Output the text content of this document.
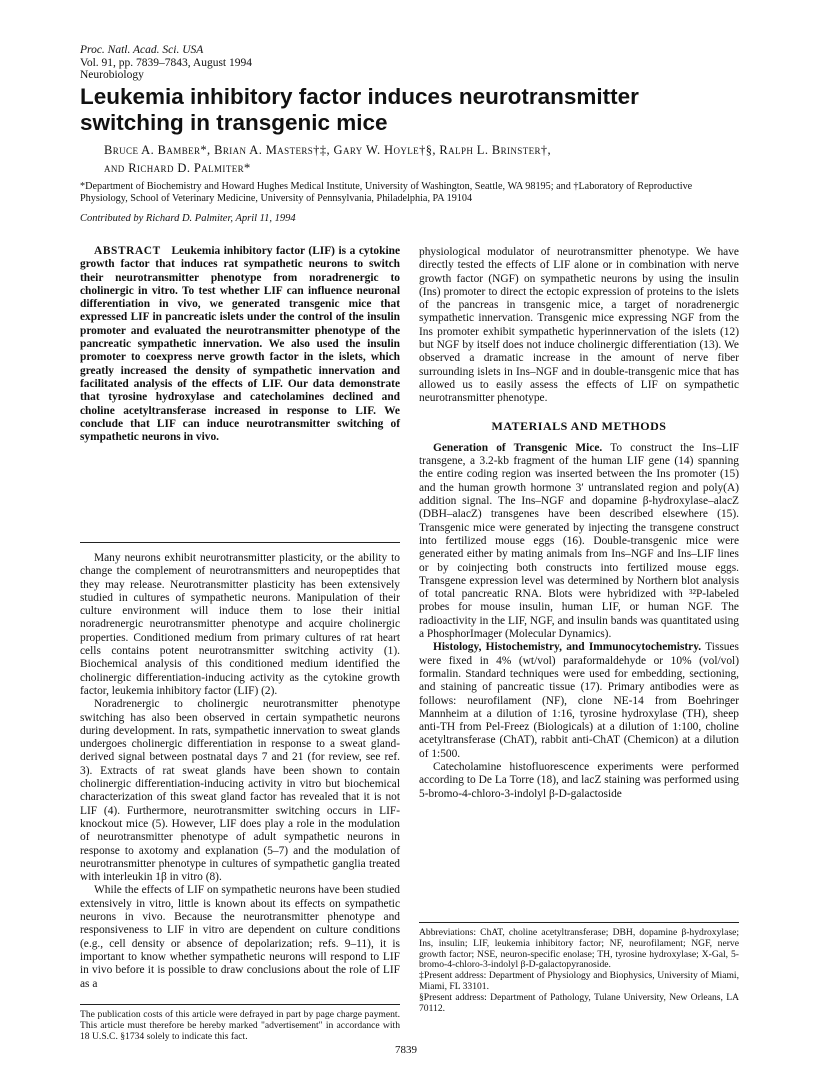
Proc. Natl. Acad. Sci. USA
Vol. 91, pp. 7839–7843, August 1994
Neurobiology
Leukemia inhibitory factor induces neurotransmitter switching in transgenic mice
Bruce A. Bamber*, Brian A. Masters†‡, Gary W. Hoyle†§, Ralph L. Brinster†,
and Richard D. Palmiter*
*Department of Biochemistry and Howard Hughes Medical Institute, University of Washington, Seattle, WA 98195; and †Laboratory of Reproductive Physiology, School of Veterinary Medicine, University of Pennsylvania, Philadelphia, PA 19104
Contributed by Richard D. Palmiter, April 11, 1994

ABSTRACT Leukemia inhibitory factor (LIF) is a cytokine growth factor that induces rat sympathetic neurons to switch their neurotransmitter phenotype from noradrenergic to cholinergic in vitro. To test whether LIF can influence neuronal differentiation in vivo, we generated transgenic mice that expressed LIF in pancreatic islets under the control of the insulin promoter and evaluated the neurotransmitter phenotype of the pancreatic sympathetic innervation. We also used the insulin promoter to coexpress nerve growth factor in the islets, which greatly increased the density of sympathetic innervation and facilitated analysis of the effects of LIF. Our data demonstrate that tyrosine hydroxylase and catecholamines declined and choline acetyltransferase increased in response to LIF. We conclude that LIF can induce neurotransmitter switching of sympathetic neurons in vivo.

Many neurons exhibit neurotransmitter plasticity, or the ability to change the complement of neurotransmitters and neuropeptides that they may release. Neurotransmitter plasticity has been extensively studied in cultures of sympathetic neurons. Manipulation of their culture environment will induce them to lose their initial noradrenergic neurotransmitter phenotype and acquire cholinergic properties. Conditioned medium from primary cultures of rat heart cells contains potent neurotransmitter switching activity (1). Biochemical analysis of this conditioned medium identified the cholinergic differentiation-inducing activity as the cytokine growth factor, leukemia inhibitory factor (LIF) (2).

Noradrenergic to cholinergic neurotransmitter phenotype switching has also been observed in certain sympathetic neurons during development. In rats, sympathetic innervation to sweat glands undergoes cholinergic differentiation in response to a sweat gland-derived signal between postnatal days 7 and 21 (for review, see ref. 3). Extracts of rat sweat glands have been shown to contain cholinergic differentiation-inducing activity in vitro but biochemical characterization of this sweat gland factor has revealed that it is not LIF (4). Furthermore, neurotransmitter switching occurs in LIF-knockout mice (5). However, LIF does play a role in the modulation of neurotransmitter phenotype of adult sympathetic neurons in response to axotomy and explanation (5–7) and the modulation of neurotransmitter phenotype in cultures of sympathetic ganglia treated with interleukin 1β in vitro (8).

While the effects of LIF on sympathetic neurons have been studied extensively in vitro, little is known about its effects on sympathetic neurons in vivo. Because the neurotransmitter phenotype and responsiveness to LIF in vitro are dependent on culture conditions (e.g., cell density or absence of depolarization; refs. 9–11), it is important to know whether sympathetic neurons will respond to LIF in vivo before it is possible to draw conclusions about the role of LIF as a

The publication costs of this article were defrayed in part by page charge payment. This article must therefore be hereby marked "advertisement" in accordance with 18 U.S.C. §1734 solely to indicate this fact.

physiological modulator of neurotransmitter phenotype. We have directly tested the effects of LIF alone or in combination with nerve growth factor (NGF) on sympathetic neurons by using the insulin (Ins) promoter to direct the ectopic expression of proteins to the islets of the pancreas in transgenic mice, a target of noradrenergic sympathetic innervation. Transgenic mice expressing NGF from the Ins promoter exhibit sympathetic hyperinnervation of the islets (12) but NGF by itself does not induce cholinergic differentiation (13). We observed a dramatic increase in the amount of nerve fiber surrounding islets in Ins–NGF and in double-transgenic mice that has allowed us to easily assess the effects of LIF on sympathetic neurotransmitter phenotype.

MATERIALS AND METHODS

Generation of Transgenic Mice. To construct the Ins–LIF transgene, a 3.2-kb fragment of the human LIF gene (14) spanning the entire coding region was inserted between the Ins promoter (15) and the human growth hormone 3′ untranslated region and poly(A) addition signal. The Ins–NGF and dopamine β-hydroxylase–alacZ (DBH–alacZ) transgenes have been described elsewhere (15). Transgenic mice were generated by injecting the transgene construct into fertilized mouse eggs (16). Double-transgenic mice were generated either by mating animals from Ins–NGF and Ins–LIF lines or by coinjecting both constructs into fertilized mouse eggs. Transgene expression level was determined by Northern blot analysis of total pancreatic RNA. Blots were hybridized with ³²P-labeled probes for mouse insulin, human LIF, or human NGF. The radioactivity in the LIF, NGF, and insulin bands was quantitated using a PhosphorImager (Molecular Dynamics).

Histology, Histochemistry, and Immunocytochemistry. Tissues were fixed in 4% (wt/vol) paraformaldehyde or 10% (vol/vol) formalin. Standard techniques were used for embedding, sectioning, and staining of pancreatic tissue (17). Primary antibodies were as follows: neurofilament (NF), clone NE-14 from Boehringer Mannheim at a dilution of 1:16, tyrosine hydroxylase (TH), sheep anti-TH from Pel-Freez (Biologicals) at a dilution of 1:100, choline acetyltransferase (ChAT), rabbit anti-ChAT (Chemicon) at a dilution of 1:500.

Catecholamine histofluorescence experiments were performed according to De La Torre (18), and lacZ staining was performed using 5-bromo-4-chloro-3-indolyl β-D-galactoside

Abbreviations: ChAT, choline acetyltransferase; DBH, dopamine β-hydroxylase; Ins, insulin; LIF, leukemia inhibitory factor; NF, neurofilament; NGF, nerve growth factor; NSE, neuron-specific enolase; TH, tyrosine hydroxylase; X-Gal, 5-bromo-4-chloro-3-indolyl β-D-galactopyranoside.
‡Present address: Department of Physiology and Biophysics, University of Miami, Miami, FL 33101.
§Present address: Department of Pathology, Tulane University, New Orleans, LA 70112.
7839
